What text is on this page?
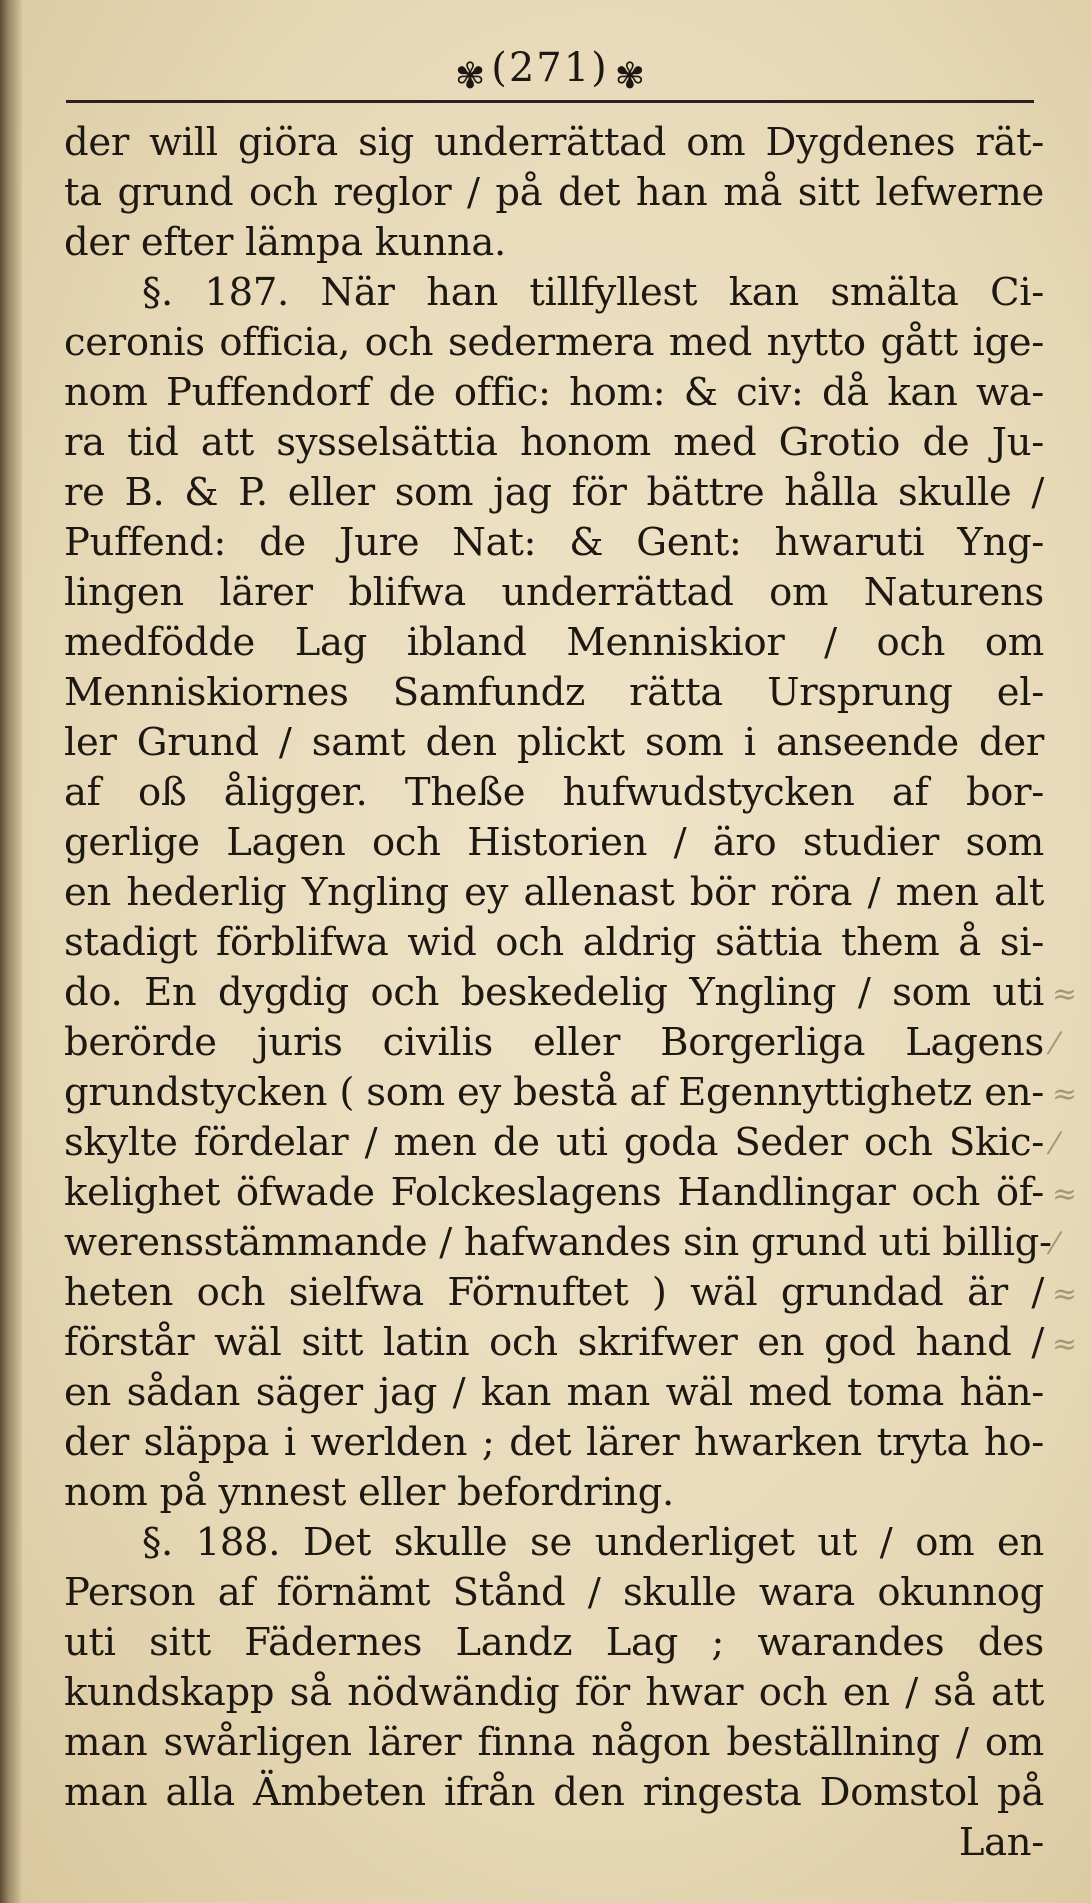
✾ (271) ✾
der will giöra sig underrättad om Dygdenes rät-
ta grund och reglor / på det han må sitt lefwerne
der efter lämpa kunna.
§. 187. När han tillfyllest kan smälta Ci-
ceronis officia, och sedermera med nytto gått ige-
nom Puffendorf de offic: hom: & civ: då kan wa-
ra tid att sysselsättia honom med Grotio de Ju-
re B. & P. eller som jag för bättre hålla skulle /
Puffend: de Jure Nat: & Gent: hwaruti Yng-
lingen lärer blifwa underrättad om Naturens
medfödde Lag ibland Menniskior / och om
Menniskiornes Samfundz rätta Ursprung el-
ler Grund / samt den plickt som i anseende der
af oß åligger. Theße hufwudstycken af bor-
gerlige Lagen och Historien / äro studier som
en hederlig Yngling ey allenast bör röra / men alt
stadigt förblifwa wid och aldrig sättia them å si-
do. En dygdig och beskedelig Yngling / som uti
berörde juris civilis eller Borgerliga Lagens
grundstycken ( som ey bestå af Egennyttighetz en-
skylte fördelar / men de uti goda Seder och Skic-
kelighet öfwade Folckeslagens Handlingar och öf-
werensstämmande / hafwandes sin grund uti billig-
heten och sielfwa Förnuftet ) wäl grundad är /
förstår wäl sitt latin och skrifwer en god hand /
en sådan säger jag / kan man wäl med toma hän-
der släppa i werlden ; det lärer hwarken tryta ho-
nom på ynnest eller befordring.
§. 188. Det skulle se underliget ut / om en
Person af förnämt Stånd / skulle wara okunnog
uti sitt Fädernes Landz Lag ; warandes des
kundskapp så nödwändig för hwar och en / så att
man swårligen lärer finna någon beställning / om
man alla Ämbeten ifrån den ringesta Domstol på
Lan-
≈
⁄
≈
⁄
≈
⁄
≈
≈
